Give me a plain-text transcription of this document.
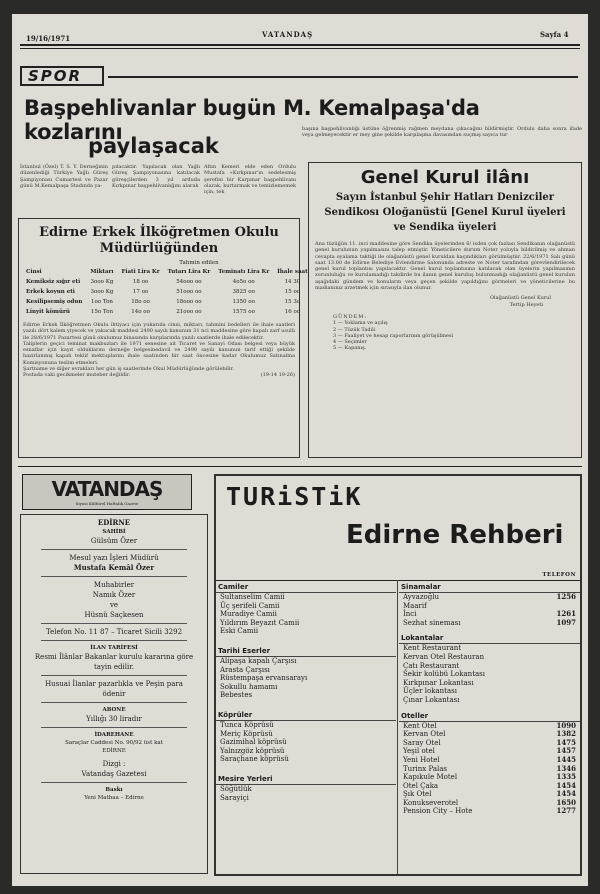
19/16/1971	VATANDAŞ	Sayfa 4
SPOR
Başpehlivanlar bugün M. Kemalpaşa'da kozlarını
paylaşacak
başına başpehlivanlığı üstüne öğrenmiş rağmen meydana çıkacağını bildirmiştir. Ordulu daha sonra ifade veya gelmeyecektir er mey gine şekilde karşılaşma davasından suçmış sayıca tur
İstanbul (Özel) T. S. Y. Derneğinin düzenlediği Türkiye Yağlı Güreş Şampiyonası Cumartesi ve Pazar günü M.Kemalpaşa Stadında ya-
pılacaktır. Yapılacak olan Yağlı Güreş Şampiyonasına katılacak güreşçilerden 3 yıl arduda Kırkpınar başpehlivanlığını alarak
Altın Kemeri elde eden Ordulu Mustafa «Kırkpınar'ın sedelesmiş şerefini bir Karpınar başpehlivanı olarak, kurtarmak ve temizlememek için, tek
Edirne Erkek İlköğretmen Okulu
Müdürlüğünden
Tahmin edilen
Cinsi	Miktarı	Fiati Lira Kr	Tutarı Lira Kr	Teminatı Lira Kr	İhale saat
Kemiksiz sığır eti	3ooo Kg	18 oo	54ooo oo	4o5o oo	14 30
Erkek koyun eti	3ooo Kg	17 oo	51ooo oo	3825 oo	15 oo
Kesilipsemiş odun	1oo Ton	18o oo	18ooo oo	1350 oo	15 3o
Linyit kömürü	15o Ton	14o oo	21ooo oo	1575 oo	16 oo

Edirne Erkek İlköğretmen Okulu ihtiyacı için yukarıda cinsi, miktarı, tahmini bedelleri ile ihale saatleri yazılı dört kalem yiyecek ve yakacak maddesi 2490 sayılı kanunun 31 nci maddesine göre kapalı zarf usulü ile 28/6/1971 Pazartesi günü okulumuz binasında karşılarında yazılı saatlerde ihale edilecektir.

Taliplerin geçici teminat makbuzları ile 1971 senesine ait Ticaret ve Sanayi Odası belgesi veya büyük esnaflar için kayıt olduklarını derneğe belgesinedavil ve 2490 sayılı kanunun tarif ettiği şekilde hazırlanmış kapalı teklif mektuplarını ihale saatinden bir saat öncesine kadar Okulumuz Satınalma Komisyonuna teslim etmeleri.

Şartname ve diğer evrakları her gün iş saatlerinde Okul Müdürlüğünde görülebilir.

Postada vaki gecikmeler muteber değildir.	(19-14 19-26)

Genel Kurul ilânı
Sayın İstanbul Şehir Hatları Denizciler
Sendikosı Oloğanüstü [Genel Kurul üyeleri
ve Sendika üyeleri
Ana tüzüğün 11. inci maddesine göre Sendika üyelerinden 6/ isden çok fazlası Sendikanın olağanüstü genel kurulunun yapılmasını talep etmiştir. Yöneticilere durum Noter yoluyla bildirilmiş ve ahman cevapta oyalama taktiği ile olağanüstü genel kuruldan kaçındıkları görülmüştür. 22/6/1971 Salı günü saat 13.00 de Edirne Belediye Evlendirme Salonunda adreste ve Noter tarafından görevlendirilecek genel kurul toplantısı yapılacaktır. Genel kurul toplantısına katılacak olan üyelerin yapılmasının zorunluluğu ve kurulamadığı takdirde bu ilanın genel kuruluş bulunmadığı olağanüstü genel kurulun aşağıdaki gündem ve konuların veya geçen şekilde yapıldığını görmeleri ve yöneticilerine bu madianınız arzetmek için sırasıyla ilan olunur.
Olağanüstü Genel Kurul
Tertip Heyeti
GÜNDEM:
1 — Yoklama ve açılış
2 — Tüzük Tadili
3 — Faaliyet ve hesap raporlarının görüşülmesi
4 — Seçimler
5 — Kapanış.
VATANDAŞ
Siyasi Kültürel Haftalık Gazete
EDİRNE
SAHİBİ
Gülsüm Özer
Mesul yazı İşleri Müdürü
Mustafa Kemâl Özer
Muhabirler
Namık Özer
ve
Hüsnü Saçkesen
Telefon No. 11 87 – Ticaret Sicili 3292
İLAN TARİFESİ
Resmi İlânlar Bakanlar kurulu kararına göre tayin edilir.
Husuai İlanlar pazarlıkla ve Peşin para ödenir
ABONE
Yıllığı 30 liradır
İDAREHANE
Saraçlar Caddesi No. 90/92 üst kat
EDİRNE
Dizgi :
Vatandaş Gazetesi
Baskı
Yeni Matbaa – Edirne
TURiSTiK
Edirne Rehberi
TELEFON
Camiler
Sultanselim Camii
Üç şerifeli Camii
Muradiye Camii
Yıldırım Beyazıt Camii
Eski Camii
Tarihi Eserler
Alipaşa kapalı Çarşısı
Arasta Çarşısı
Rüstempaşa ervansarayı
Sokullu hamamı
Bebestes
Köprüler
Tunca Köprüsü
Meriç Köprüsü
Gazimihal köprüsü
Yalnızgöz köprüsü
Saraçhane köprüsü
Mesire Yerleri
Söğütlük
Sarayiçi
Sinamalar
Ayvazoğlu	1256
Maarif
İnci	1261
Sezhat sineması	1097
Lokantalar
Kent Restaurant
Kervan Otel Restauran
Çatı Restaurant
Sekir kolübü Lokantası
Kırkpınar Lokantası
Üçler lokantası
Çınar Lokantası
Oteller
Kent Otel	1090
Kervan Otel	1382
Saray Otel	1475
Yeşil otel	1457
Yeni Hotel	1445
Turinx Palas	1346
Kapıkule Motel	1335
Otel Çaka	1454
Şık Otel	1454
Konukseverotel	1650
Pension City – Hote	1277
